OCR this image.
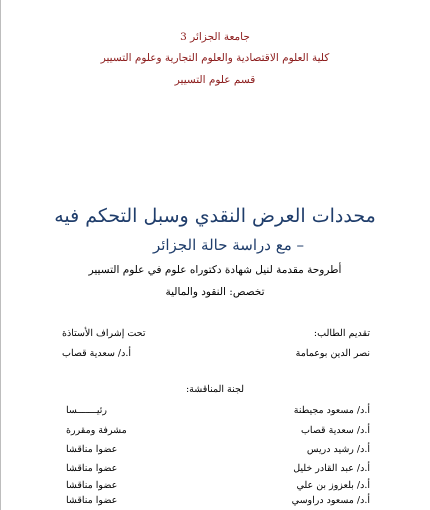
جامعة الجزائر 3
كلية العلوم الاقتصادية والعلوم التجارية وعلوم التسيير
قسم علوم التسيير
محددات العرض النقدي وسبل التحكم فيه
– مع دراسة حالة الجزائر
أطروحة مقدمة لنيل شهادة دكتوراه علوم في علوم التسيير
تخصص: النقود والمالية
تقديم الطالب:
نصر الدين بوعمامة
تحت إشراف الأستاذة
أ.د/ سعدية قصاب
لجنة المناقشة:
أ.د/ مسعود مجيطنة
رئيـــــــسا
أ.د/ سعدية قصاب
مشرفة ومقررة
أ.د/ رشيد دريس
عضوا مناقشا
أ.د/ عبد القادر خليل
عضوا مناقشا
أ.د/ بلعزوز بن علي
عضوا مناقشا
أ.د/ مسعود دراوسي
عضوا مناقشا
